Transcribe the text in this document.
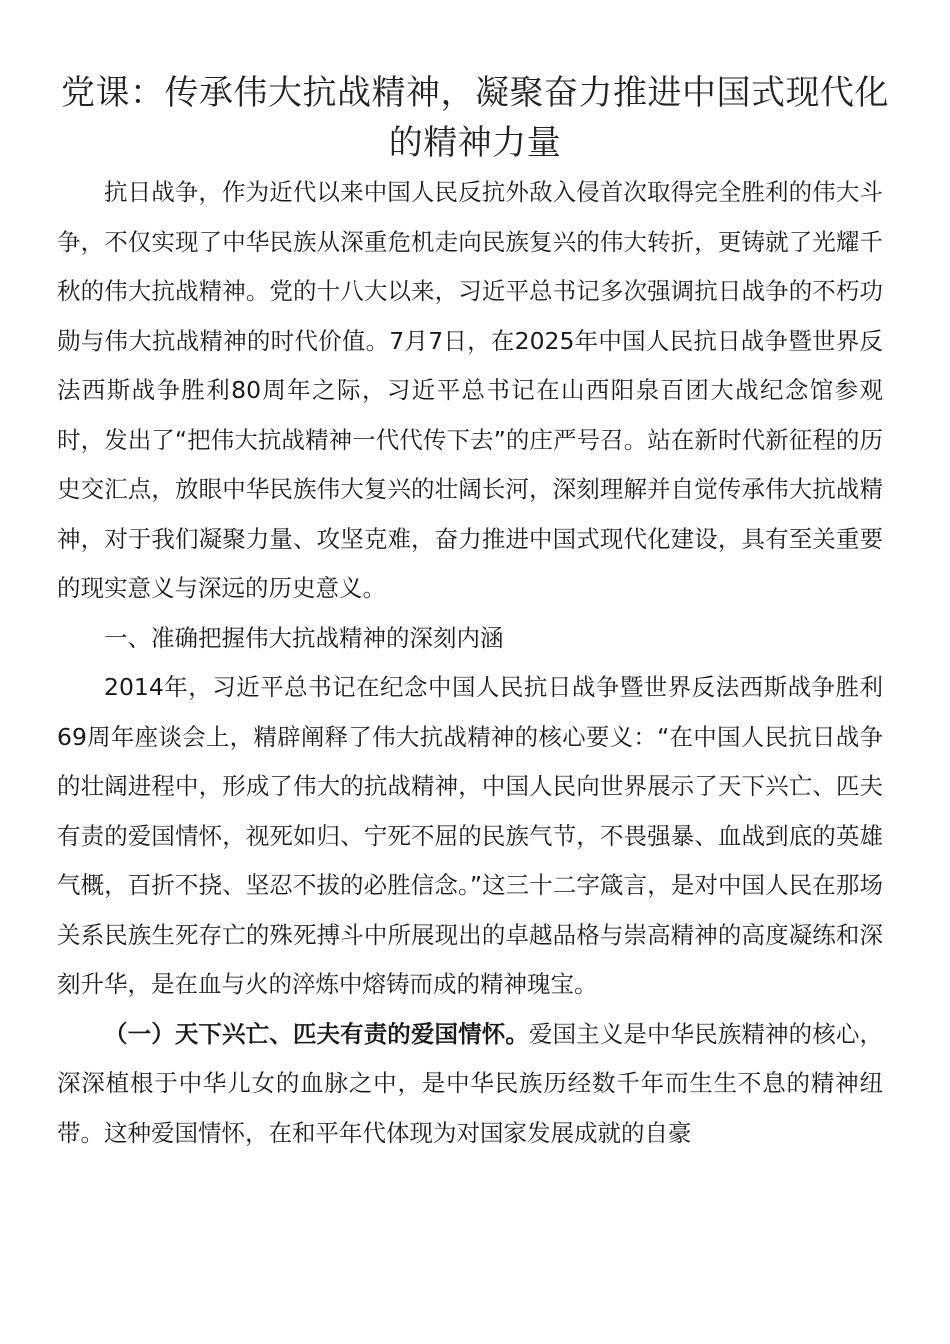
党课：传承伟大抗战精神，凝聚奋力推进中国式现代化的精神力量

抗日战争，作为近代以来中国人民反抗外敌入侵首次取得完全胜利的伟大斗争，不仅实现了中华民族从深重危机走向民族复兴的伟大转折，更铸就了光耀千秋的伟大抗战精神。党的十八大以来，习近平总书记多次强调抗日战争的不朽功勋与伟大抗战精神的时代价值。7月7日，在2025年中国人民抗日战争暨世界反法西斯战争胜利80周年之际，习近平总书记在山西阳泉百团大战纪念馆参观时，发出了“把伟大抗战精神一代代传下去”的庄严号召。站在新时代新征程的历史交汇点，放眼中华民族伟大复兴的壮阔长河，深刻理解并自觉传承伟大抗战精神，对于我们凝聚力量、攻坚克难，奋力推进中国式现代化建设，具有至关重要的现实意义与深远的历史意义。

一、准确把握伟大抗战精神的深刻内涵

2014年，习近平总书记在纪念中国人民抗日战争暨世界反法西斯战争胜利69周年座谈会上，精辟阐释了伟大抗战精神的核心要义：“在中国人民抗日战争的壮阔进程中，形成了伟大的抗战精神，中国人民向世界展示了天下兴亡、匹夫有责的爱国情怀，视死如归、宁死不屈的民族气节，不畏强暴、血战到底的英雄气概，百折不挠、坚忍不拔的必胜信念。”这三十二字箴言，是对中国人民在那场关系民族生死存亡的殊死搏斗中所展现出的卓越品格与崇高精神的高度凝练和深刻升华，是在血与火的淬炼中熔铸而成的精神瑰宝。

（一）天下兴亡、匹夫有责的爱国情怀。爱国主义是中华民族精神的核心，深深植根于中华儿女的血脉之中，是中华民族历经数千年而生生不息的精神纽带。这种爱国情怀，在和平年代体现为对国家发展成就的自豪
